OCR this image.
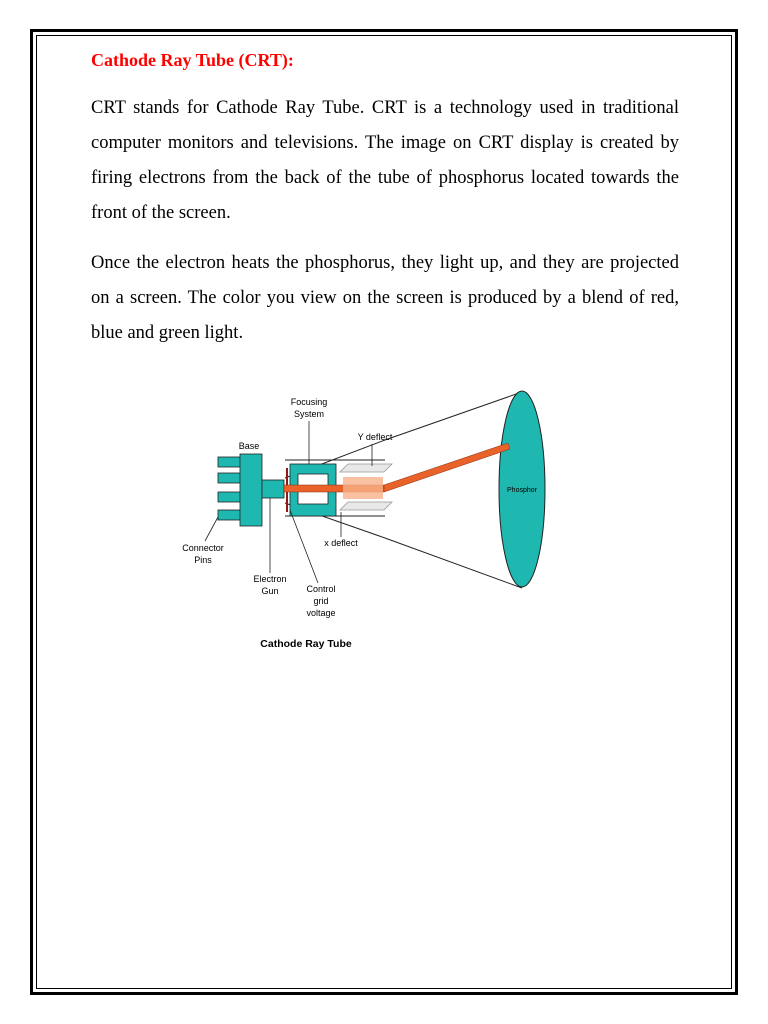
Cathode Ray Tube (CRT):

CRT stands for Cathode Ray Tube. CRT is a technology used in traditional computer monitors and televisions. The image on CRT display is created by firing electrons from the back of the tube of phosphorus located towards the front of the screen.

Once the electron heats the phosphorus, they light up, and they are projected on a screen. The color you view on the screen is produced by a blend of red, blue and green light.

Phosphor
Focusing
System
Y deflect
Base
x deflect
Connector
Pins
Electron
Gun	Control
grid
voltage
Cathode Ray Tube
